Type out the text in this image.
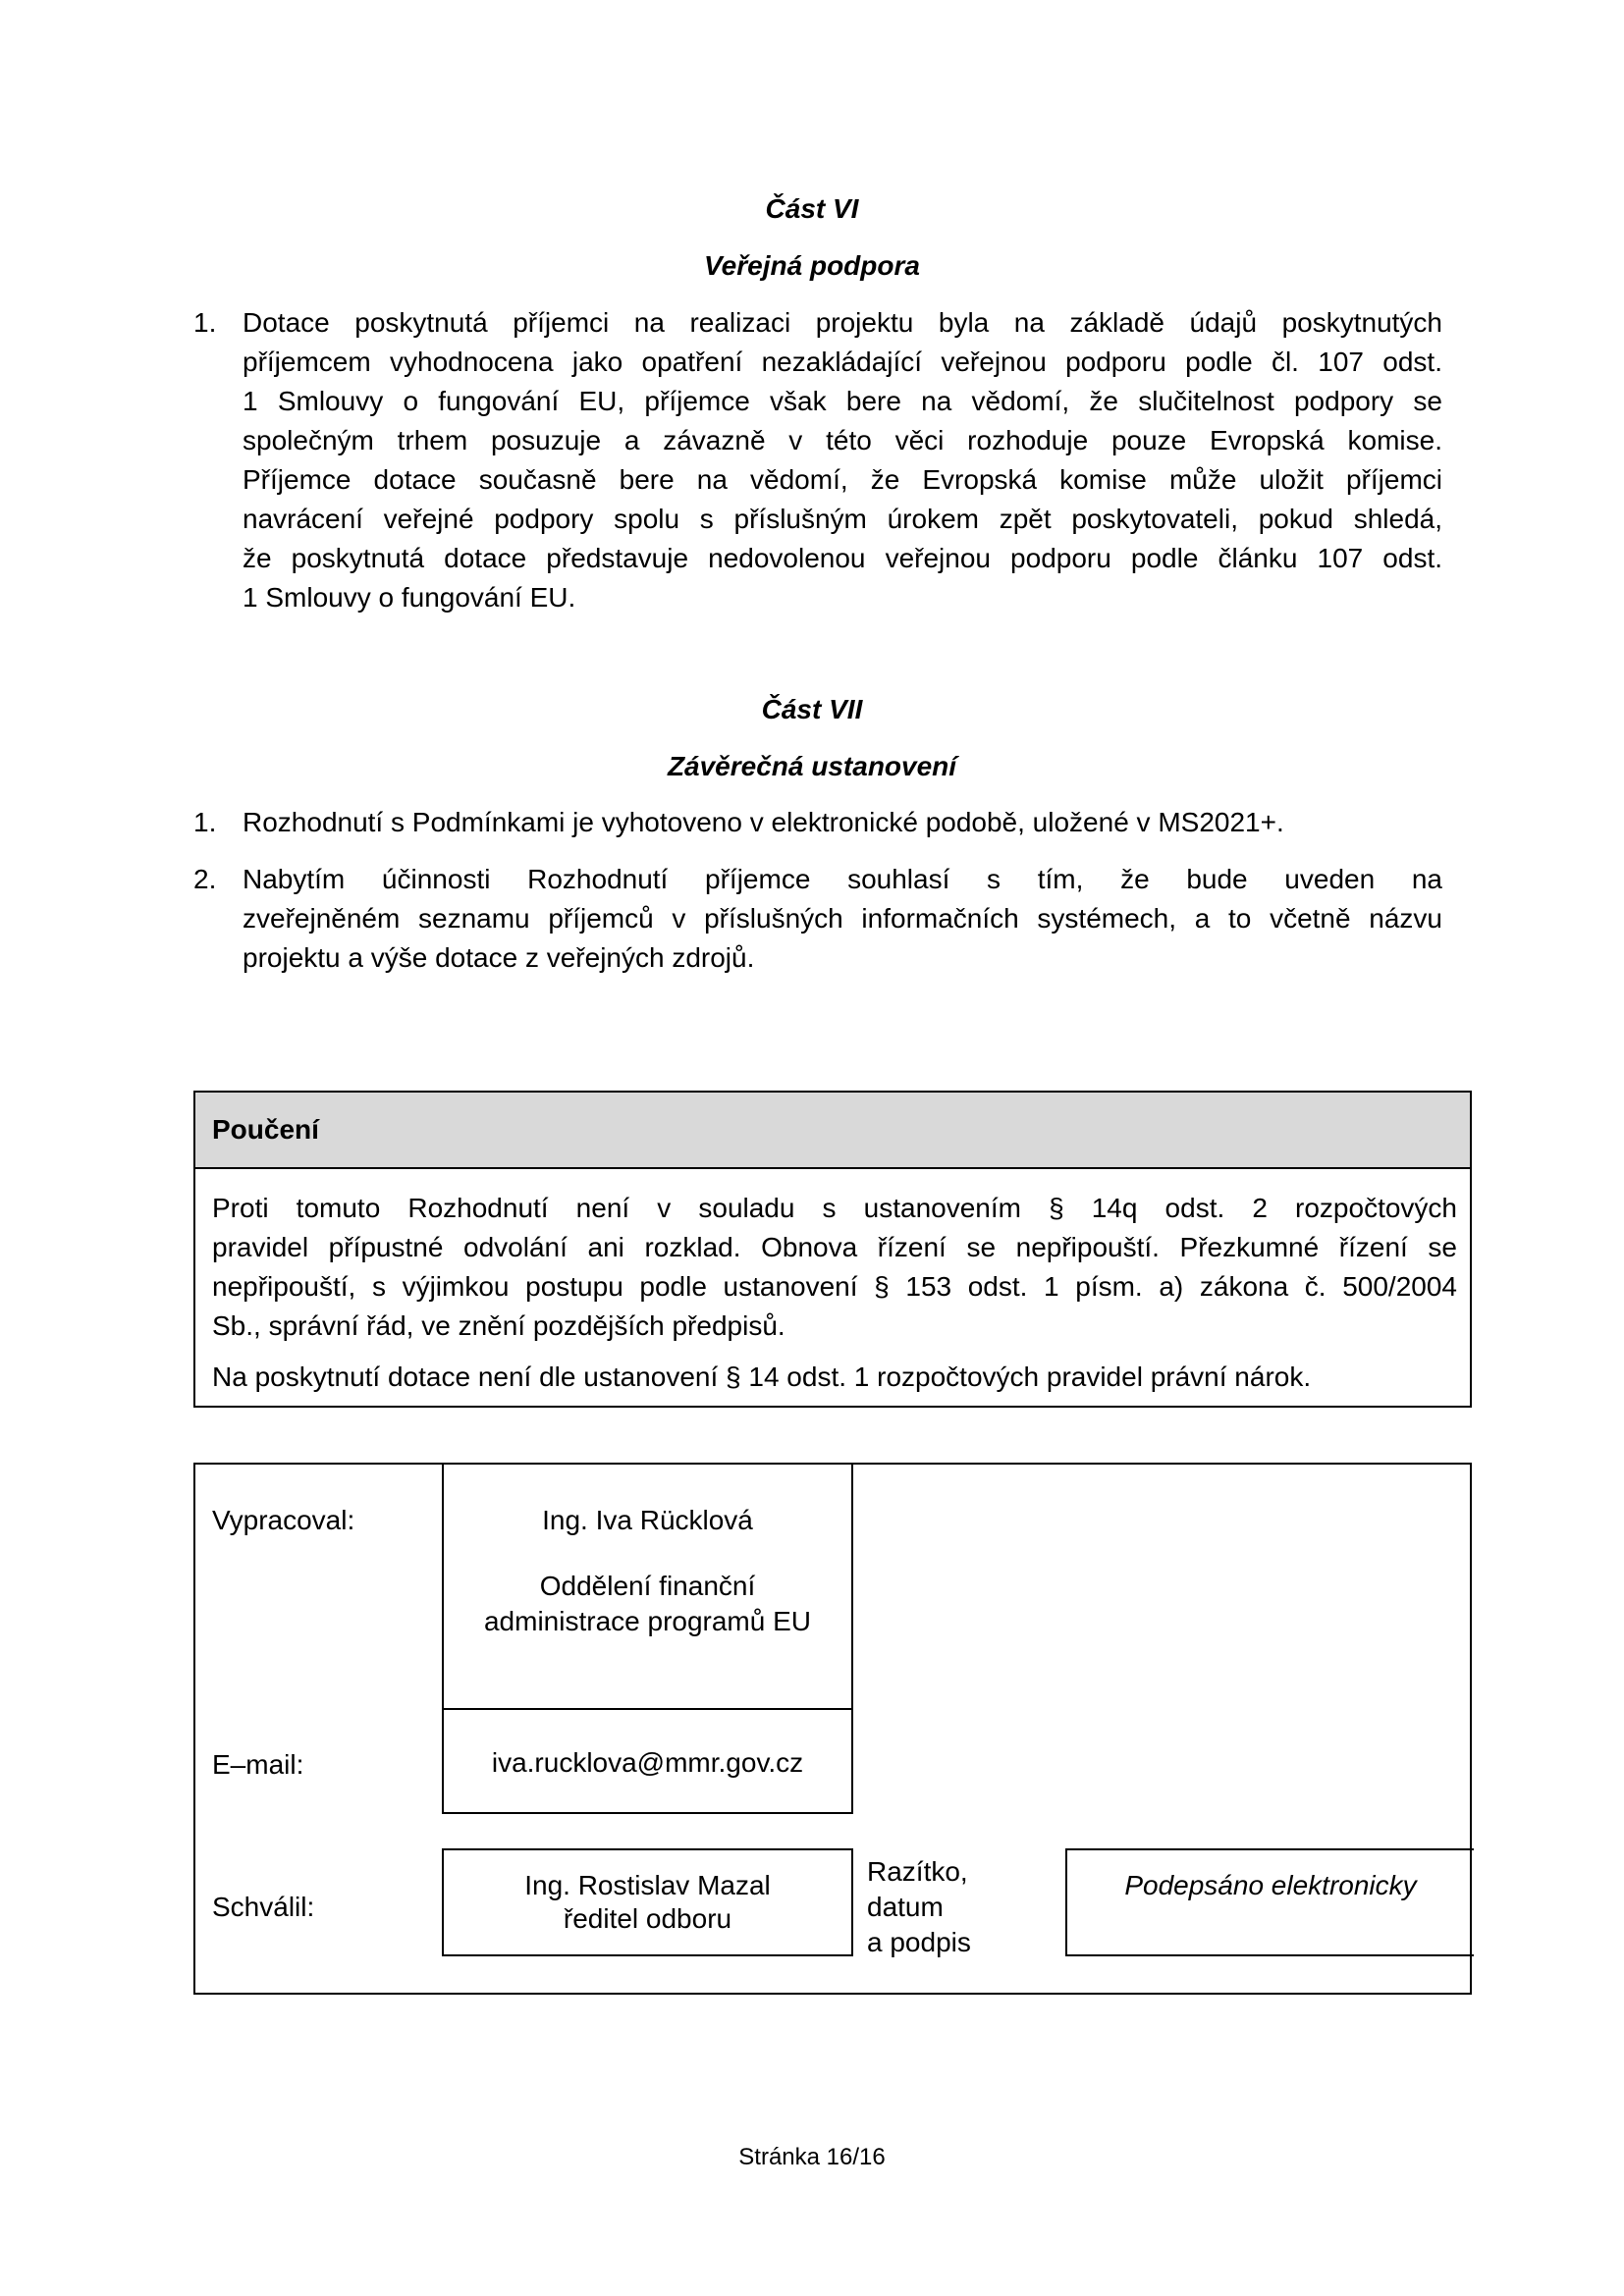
Část VI
Veřejná podpora
1. Dotace poskytnutá příjemci na realizaci projektu byla na základě údajů poskytnutých
příjemcem vyhodnocena jako opatření nezakládající veřejnou podporu podle čl. 107 odst.
1 Smlouvy o fungování EU, příjemce však bere na vědomí, že slučitelnost podpory se
společným trhem posuzuje a závazně v této věci rozhoduje pouze Evropská komise.
Příjemce dotace současně bere na vědomí, že Evropská komise může uložit příjemci
navrácení veřejné podpory spolu s příslušným úrokem zpět poskytovateli, pokud shledá,
že poskytnutá dotace představuje nedovolenou veřejnou podporu podle článku 107 odst.
1 Smlouvy o fungování EU.
Část VII
Závěrečná ustanovení
1. Rozhodnutí s Podmínkami je vyhotoveno v elektronické podobě, uložené v MS2021+.
2. Nabytím účinnosti Rozhodnutí příjemce souhlasí s tím, že bude uveden na
zveřejněném seznamu příjemců v příslušných informačních systémech, a to včetně názvu
projektu a výše dotace z veřejných zdrojů.
Poučení
Proti tomuto Rozhodnutí není v souladu s ustanovením § 14q odst. 2 rozpočtových
pravidel přípustné odvolání ani rozklad. Obnova řízení se nepřipouští. Přezkumné řízení se
nepřipouští, s výjimkou postupu podle ustanovení § 153 odst. 1 písm. a) zákona č. 500/2004
Sb., správní řád, ve znění pozdějších předpisů.
Na poskytnutí dotace není dle ustanovení § 14 odst. 1 rozpočtových pravidel právní nárok.
Vypracoval:	Ing. Iva Rücklová
Oddělení finanční
administrace programů EU
E–mail:	iva.rucklova@mmr.gov.cz
Schválil:
Ing. Rostislav Mazal
ředitel odboru
Razítko,
datum
a podpis
Podepsáno elektronicky
Stránka 16/16
